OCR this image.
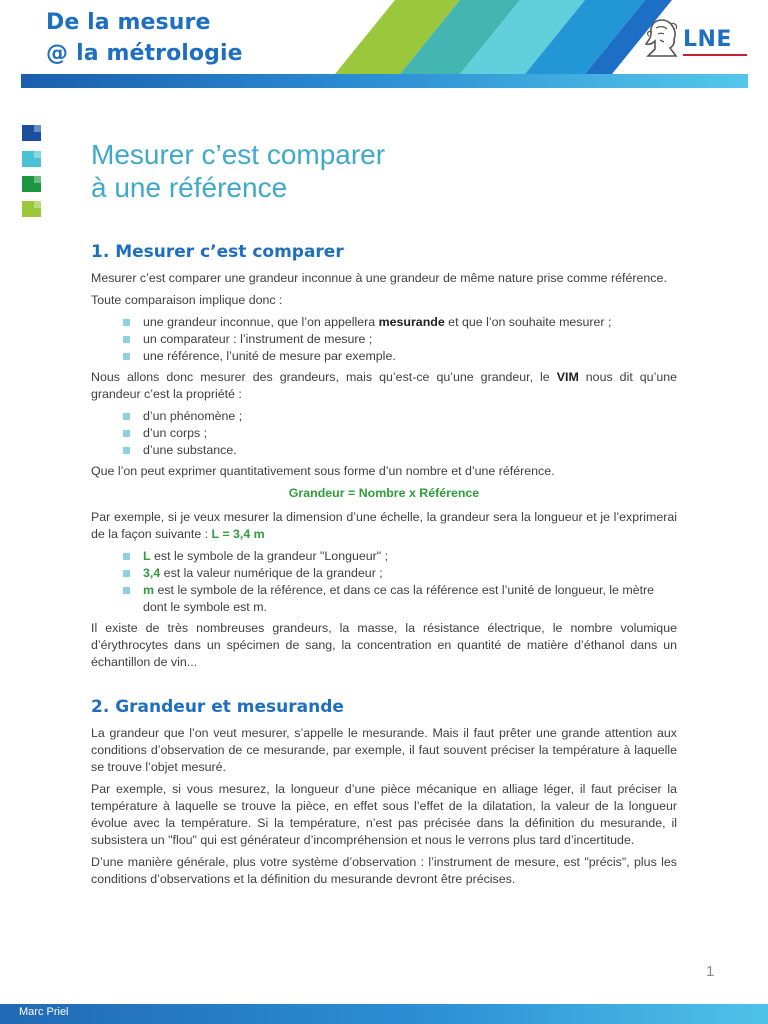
De la mesure
@ la métrologie
LNE
Mesurer c’est comparer
à une référence
1. Mesurer c’est comparer

Mesurer c’est comparer une grandeur inconnue à une grandeur de même nature prise comme référence.

Toute comparaison implique donc :

une grandeur inconnue, que l’on appellera mesurande et que l’on souhaite mesurer ;
un comparateur : l’instrument de mesure ;
une référence, l’unité de mesure par exemple.

Nous allons donc mesurer des grandeurs, mais qu’est-ce qu’une grandeur, le VIM nous dit qu’une grandeur c’est la propriété :

d’un phénomène ;
d’un corps ;
d’une substance.

Que l’on peut exprimer quantitativement sous forme d’un nombre et d’une référence.

Grandeur = Nombre x Référence

Par exemple, si je veux mesurer la dimension d’une échelle, la grandeur sera la longueur et je l’exprimerai de la façon suivante : L = 3,4 m

L est le symbole de la grandeur "Longueur" ;
3,4 est la valeur numérique de la grandeur ;
m est le symbole de la référence, et dans ce cas la référence est l’unité de longueur, le mètre dont le symbole est m.

Il existe de très nombreuses grandeurs, la masse, la résistance électrique, le nombre volumique d’érythrocytes dans un spécimen de sang, la concentration en quantité de matière d’éthanol dans un échantillon de vin...

2. Grandeur et mesurande

La grandeur que l’on veut mesurer, s’appelle le mesurande. Mais il faut prêter une grande attention aux conditions d’observation de ce mesurande, par exemple, il faut souvent préciser la température à laquelle se trouve l’objet mesuré.

Par exemple, si vous mesurez, la longueur d’une pièce mécanique en alliage léger, il faut préciser la température à laquelle se trouve la pièce, en effet sous l’effet de la dilatation, la valeur de la longueur évolue avec la température. Si la température, n’est pas précisée dans la définition du mesurande, il subsistera un "flou" qui est générateur d’incompréhension et nous le verrons plus tard d’incertitude.

D’une manière générale, plus votre système d’observation : l’instrument de mesure, est "précis", plus les conditions d’observations et la définition du mesurande devront être précises.

1
Marc Priel
